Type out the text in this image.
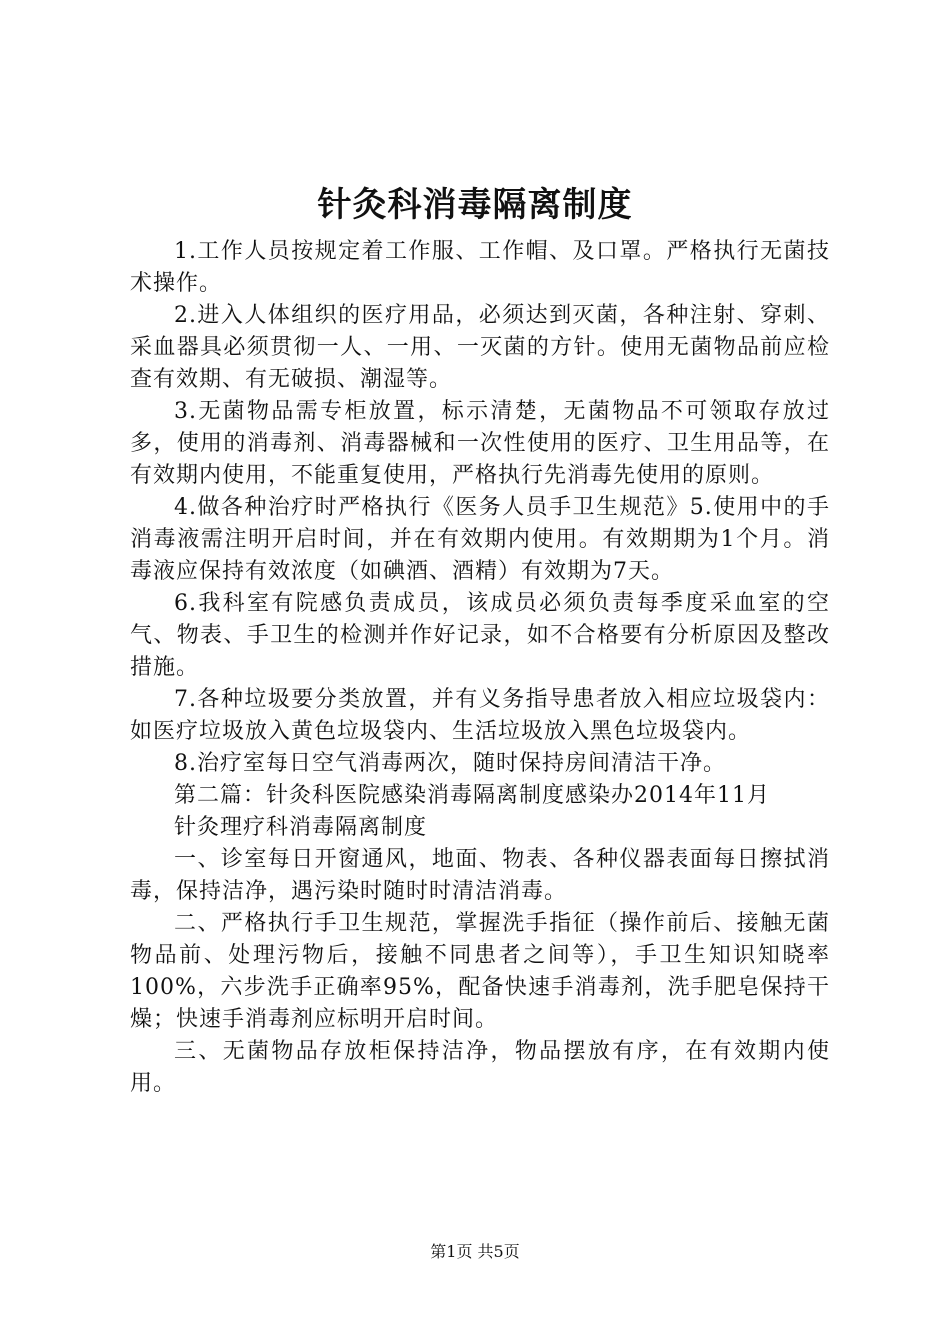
针灸科消毒隔离制度

1.工作人员按规定着工作服、工作帽、及口罩。严格执行无菌技术操作。

2.进入人体组织的医疗用品，必须达到灭菌，各种注射、穿刺、采血器具必须贯彻一人、一用、一灭菌的方针。使用无菌物品前应检查有效期、有无破损、潮湿等。

3.无菌物品需专柜放置，标示清楚，无菌物品不可领取存放过多，使用的消毒剂、消毒器械和一次性使用的医疗、卫生用品等，在有效期内使用，不能重复使用，严格执行先消毒先使用的原则。

4.做各种治疗时严格执行《医务人员手卫生规范》5.使用中的手消毒液需注明开启时间，并在有效期内使用。有效期期为1个月。消毒液应保持有效浓度（如碘酒、酒精）有效期为7天。

6.我科室有院感负责成员，该成员必须负责每季度采血室的空气、物表、手卫生的检测并作好记录，如不合格要有分析原因及整改措施。

7.各种垃圾要分类放置，并有义务指导患者放入相应垃圾袋内：如医疗垃圾放入黄色垃圾袋内、生活垃圾放入黑色垃圾袋内。

8.治疗室每日空气消毒两次，随时保持房间清洁干净。

第二篇：针灸科医院感染消毒隔离制度感染办2014年11月

针灸理疗科消毒隔离制度

一、诊室每日开窗通风，地面、物表、各种仪器表面每日擦拭消毒，保持洁净，遇污染时随时时清洁消毒。

二、严格执行手卫生规范，掌握洗手指征（操作前后、接触无菌物品前、处理污物后，接触不同患者之间等），手卫生知识知晓率100%，六步洗手正确率95%，配备快速手消毒剂，洗手肥皂保持干燥；快速手消毒剂应标明开启时间。

三、无菌物品存放柜保持洁净，物品摆放有序，在有效期内使用。

第1页 共5页
